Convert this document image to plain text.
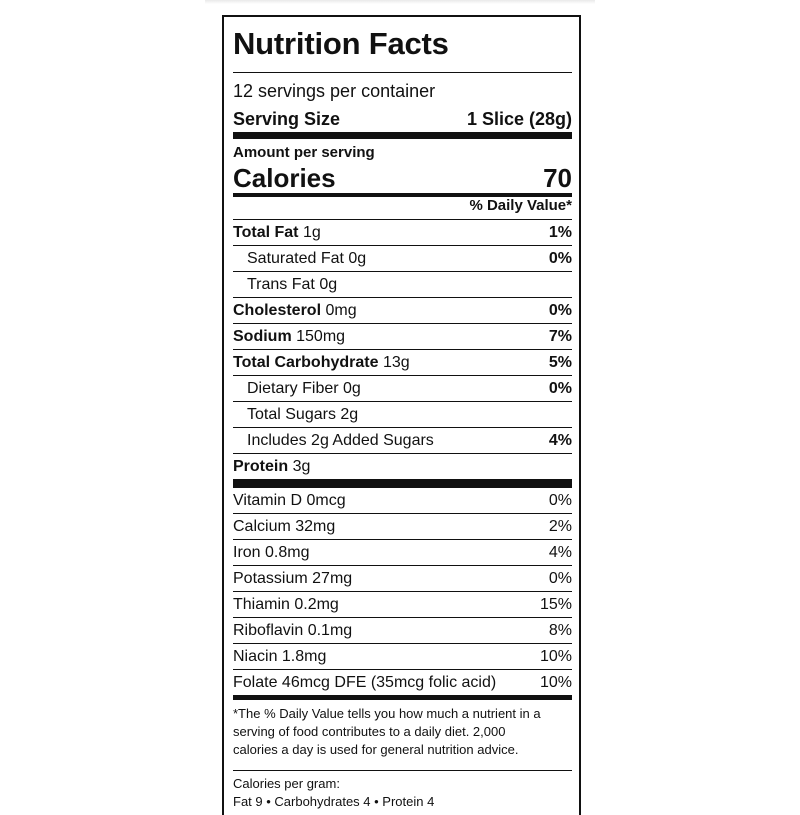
Nutrition Facts
12 servings per container
Serving Size	1 Slice (28g)
Amount per serving
Calories	70
% Daily Value*
Total Fat 1g	1%
Saturated Fat 0g	0%
Trans Fat 0g
Cholesterol 0mg	0%
Sodium 150mg	7%
Total Carbohydrate 13g	5%
Dietary Fiber 0g	0%
Total Sugars 2g
Includes 2g Added Sugars	4%
Protein 3g
Vitamin D 0mcg	0%
Calcium 32mg	2%
Iron 0.8mg	4%
Potassium 27mg	0%
Thiamin 0.2mg	15%
Riboflavin 0.1mg	8%
Niacin 1.8mg	10%
Folate 46mcg DFE (35mcg folic acid)	10%
*The % Daily Value tells you how much a nutrient in a
serving of food contributes to a daily diet. 2,000
calories a day is used for general nutrition advice.
Calories per gram:
Fat 9 • Carbohydrates 4 • Protein 4
